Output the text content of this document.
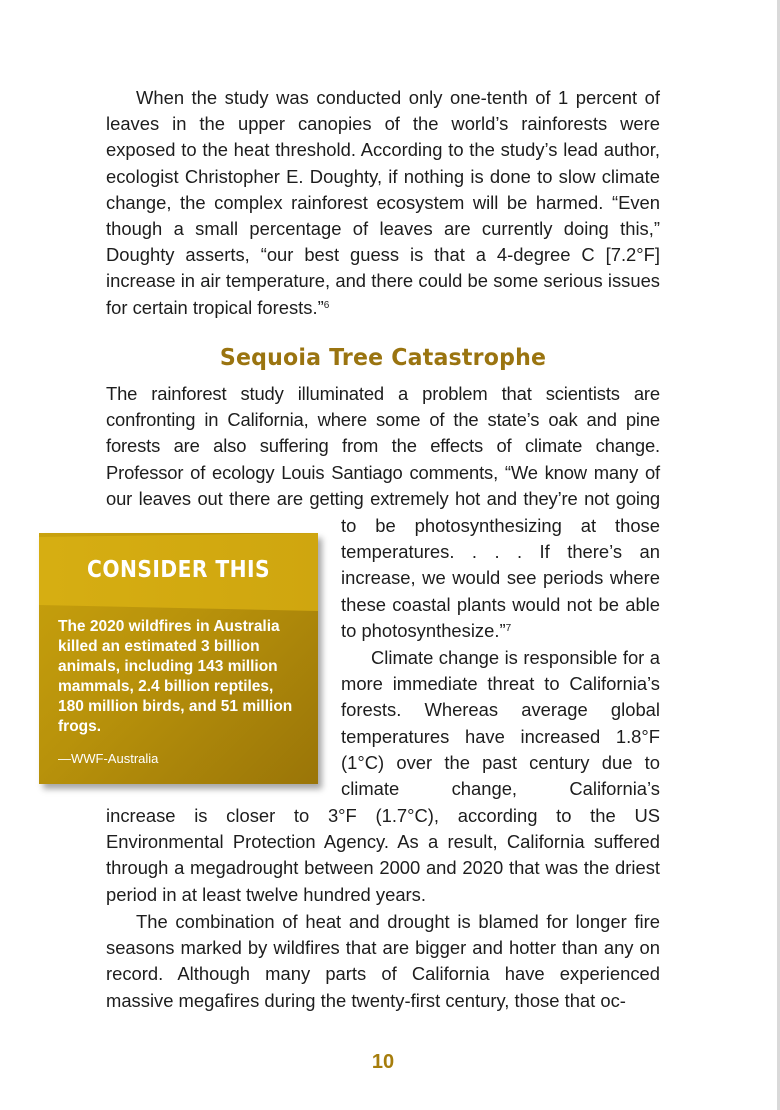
When the study was conducted only one-tenth of 1 percent of leaves in the upper canopies of the world’s rainforests were exposed to the heat threshold. According to the study’s lead author, ecologist Christopher E. Doughty, if nothing is done to slow climate change, the complex rainforest ecosystem will be harmed. “Even though a small percentage of leaves are currently doing this,” Doughty asserts, “our best guess is that a 4-degree C [7.2°F] increase in air temperature, and there could be some serious issues for certain tropical forests.”$^6$

Sequoia Tree Catastrophe

The rainforest study illuminated a problem that scientists are confronting in California, where some of the state’s oak and pine forests are also suffering from the effects of climate change. Professor of ecology Louis Santiago comments, “We know many of our leaves out there are getting extremely hot and they’re not going

CONSIDER THIS

The 2020 wildfires in Australia killed an estimated 3 billion animals, including 143 million mammals, 2.4 billion reptiles, 180 million birds, and 51 million frogs.

—WWF-Australia

to be photosynthesizing at those temperatures. . . . If there’s an increase, we would see periods where these coastal plants would not be able to photosynthesize.”$^7$

Climate change is responsible for a more immediate threat to California’s forests. Whereas average global temperatures have increased 1.8°F (1°C) over the past century due to climate change, California’s

increase is closer to 3°F (1.7°C), according to the US Environmental Protection Agency. As a result, California suffered through a megadrought between 2000 and 2020 that was the driest period in at least twelve hundred years.

The combination of heat and drought is blamed for longer fire seasons marked by wildfires that are bigger and hotter than any on record. Although many parts of California have experienced massive megafires during the twenty-first century, those that oc-

10
